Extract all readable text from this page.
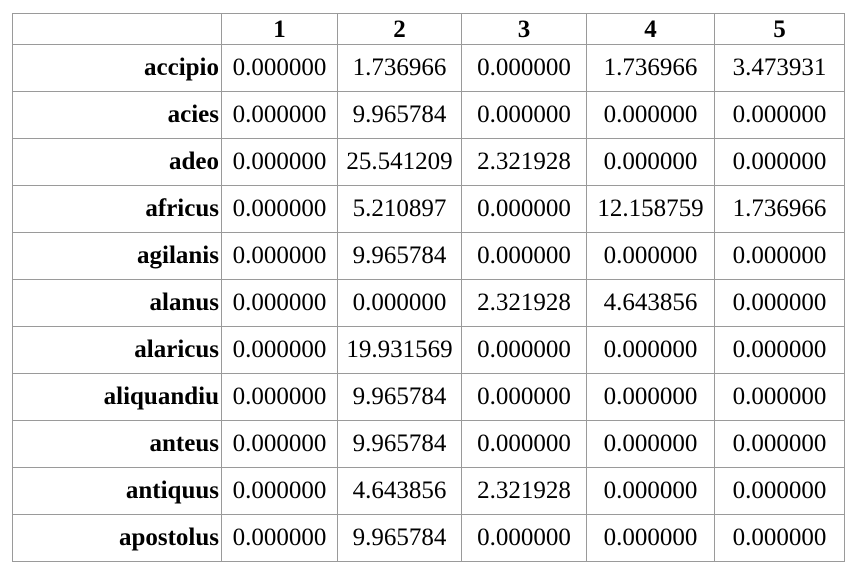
	1	2	3	4	5
accipio	0.000000	1.736966	0.000000	1.736966	3.473931
acies	0.000000	9.965784	0.000000	0.000000	0.000000
adeo	0.000000	25.541209	2.321928	0.000000	0.000000
africus	0.000000	5.210897	0.000000	12.158759	1.736966
agilanis	0.000000	9.965784	0.000000	0.000000	0.000000
alanus	0.000000	0.000000	2.321928	4.643856	0.000000
alaricus	0.000000	19.931569	0.000000	0.000000	0.000000
aliquandiu	0.000000	9.965784	0.000000	0.000000	0.000000
anteus	0.000000	9.965784	0.000000	0.000000	0.000000
antiquus	0.000000	4.643856	2.321928	0.000000	0.000000
apostolus	0.000000	9.965784	0.000000	0.000000	0.000000
